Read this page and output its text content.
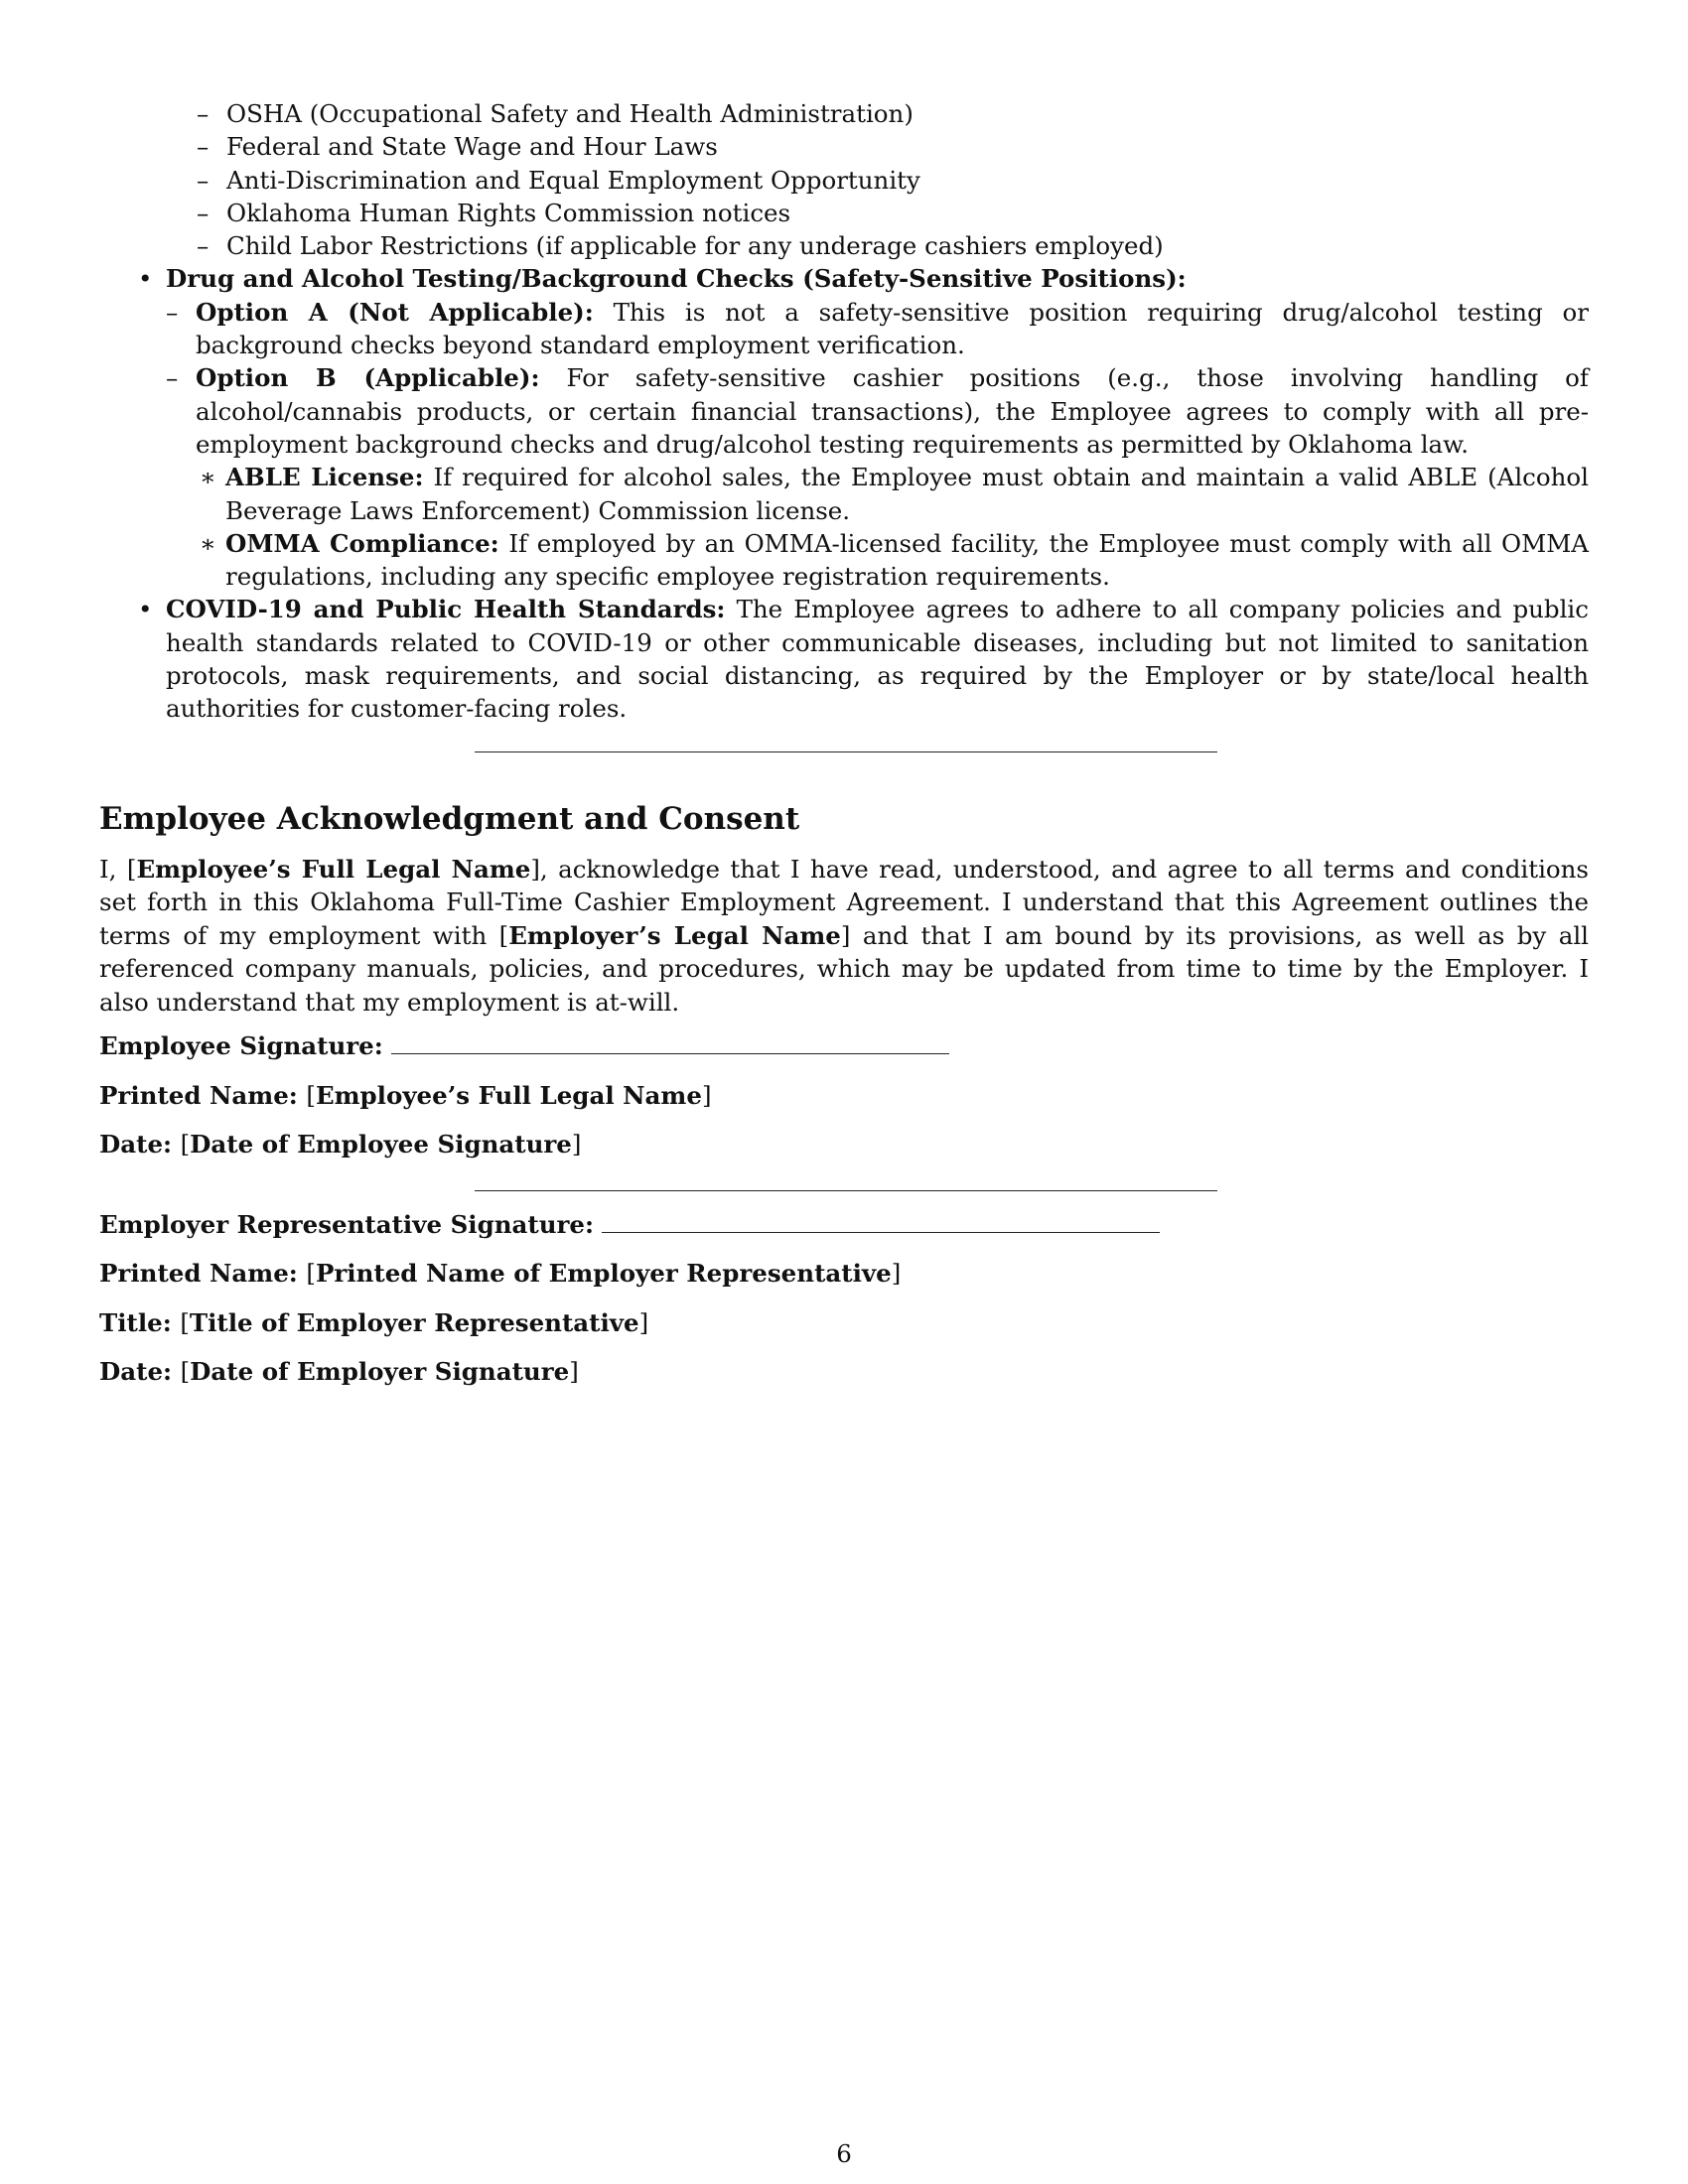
– OSHA (Occupational Safety and Health Administration)
– Federal and State Wage and Hour Laws
– Anti-Discrimination and Equal Employment Opportunity
– Oklahoma Human Rights Commission notices
– Child Labor Restrictions (if applicable for any underage cashiers employed)
• Drug and Alcohol Testing/Background Checks (Safety-Sensitive Positions):
– Option A (Not Applicable): This is not a safety-sensitive position requiring drug/alcohol testing or background checks beyond standard employment verification.
– Option B (Applicable): For safety-sensitive cashier positions (e.g., those involving handling of alcohol/cannabis products, or certain financial transactions), the Employee agrees to comply with all pre-employment background checks and drug/alcohol testing requirements as permitted by Oklahoma law.
∗ ABLE License: If required for alcohol sales, the Employee must obtain and maintain a valid ABLE (Alcohol Beverage Laws Enforcement) Commission license.
∗ OMMA Compliance: If employed by an OMMA-licensed facility, the Employee must comply with all OMMA regulations, including any specific employee registration requirements.
• COVID-19 and Public Health Standards: The Employee agrees to adhere to all company policies and public health standards related to COVID-19 or other communicable diseases, including but not limited to sanitation protocols, mask requirements, and social distancing, as required by the Employer or by state/local health authorities for customer-facing roles.
Employee Acknowledgment and Consent

I, [Employee’s Full Legal Name], acknowledge that I have read, understood, and agree to all terms and conditions set forth in this Oklahoma Full-Time Cashier Employment Agreement. I understand that this Agreement outlines the terms of my employment with [Employer’s Legal Name] and that I am bound by its provisions, as well as by all referenced company manuals, policies, and procedures, which may be updated from time to time by the Employer. I also understand that my employment is at-will.

Employee Signature:
Printed Name: [Employee’s Full Legal Name]
Date: [Date of Employee Signature]
Employer Representative Signature:
Printed Name: [Printed Name of Employer Representative]
Title: [Title of Employer Representative]
Date: [Date of Employer Signature]
6
